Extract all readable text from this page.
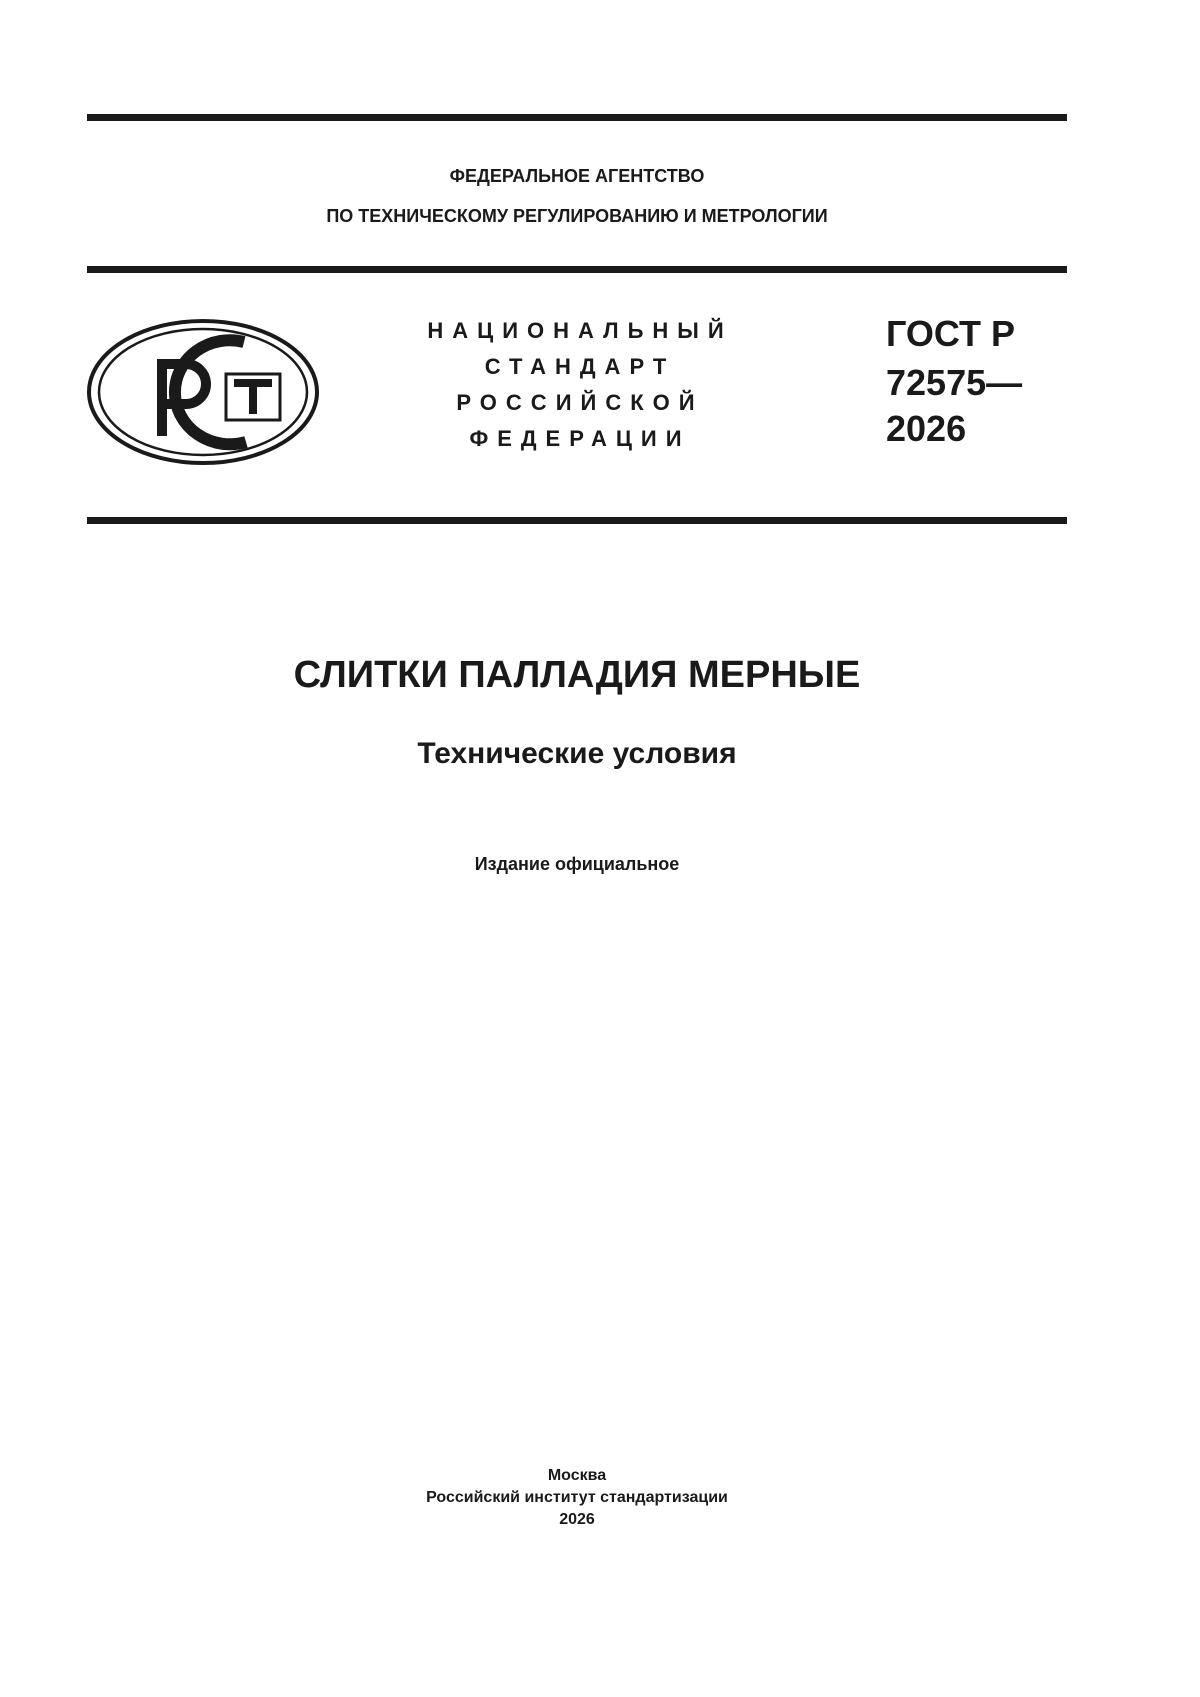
ФЕДЕРАЛЬНОЕ АГЕНТСТВО
ПО ТЕХНИЧЕСКОМУ РЕГУЛИРОВАНИЮ И МЕТРОЛОГИИ
НАЦИОНАЛЬНЫЙ
СТАНДАРТ
РОССИЙСКОЙ
ФЕДЕРАЦИИ
ГОСТ Р
72575—
2026
СЛИТКИ ПАЛЛАДИЯ МЕРНЫЕ
Технические условия
Издание официальное
Москва
Российский институт стандартизации
2026
